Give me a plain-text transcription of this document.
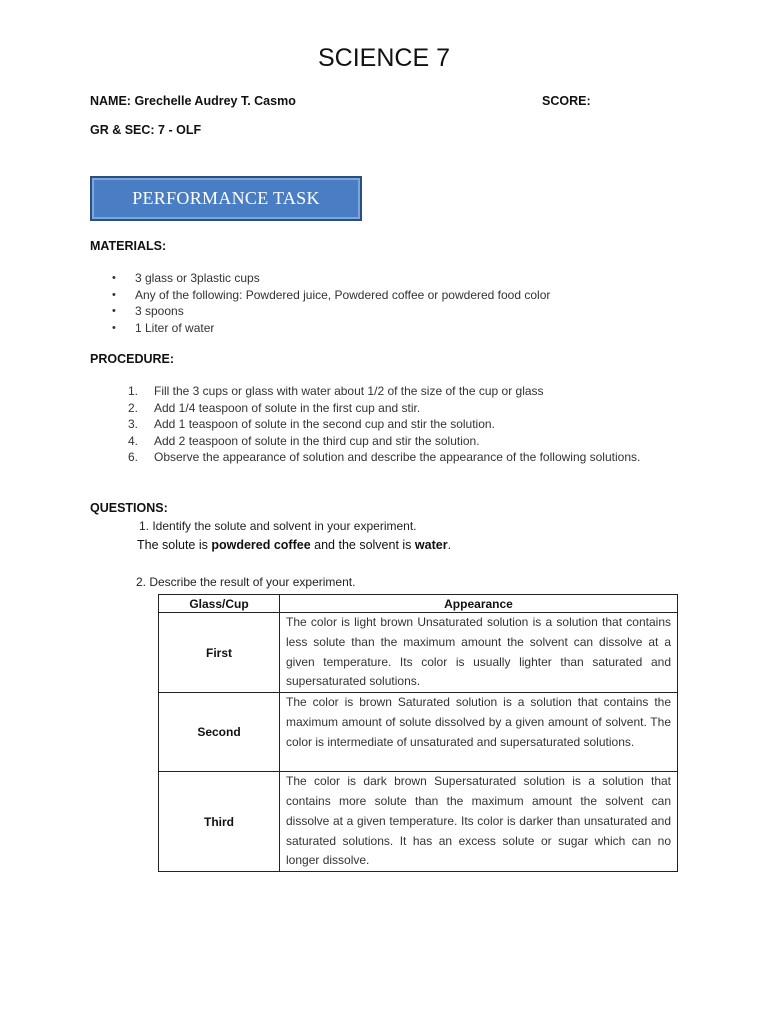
SCIENCE 7
NAME: Grechelle Audrey T. Casmo	SCORE:
GR & SEC: 7 - OLF
PERFORMANCE TASK
MATERIALS:
• 3 glass or 3plastic cups
• Any of the following: Powdered juice, Powdered coffee or powdered food color
• 3 spoons
• 1 Liter of water
PROCEDURE:
1. Fill the 3 cups or glass with water about 1/2 of the size of the cup or glass
2. Add 1/4 teaspoon of solute in the first cup and stir.
3. Add 1 teaspoon of solute in the second cup and stir the solution.
4. Add 2 teaspoon of solute in the third cup and stir the solution.
6. Observe the appearance of solution and describe the appearance of the following solutions.
QUESTIONS:
1. Identify the solute and solvent in your experiment.
The solute is powdered coffee and the solvent is water.
2. Describe the result of your experiment.
Glass/Cup	Appearance
First	The color is light brown Unsaturated solution is a solution that contains less solute than the maximum amount the solvent can dissolve at a given temperature. Its color is usually lighter than saturated and supersaturated solutions.
Second	The color is brown Saturated solution is a solution that contains the maximum amount of solute dissolved by a given amount of solvent. The color is intermediate of unsaturated and supersaturated solutions.
Third	The color is dark brown Supersaturated solution is a solution that contains more solute than the maximum amount the solvent can dissolve at a given temperature. Its color is darker than unsaturated and saturated solutions. It has an excess solute or sugar which can no longer dissolve.
